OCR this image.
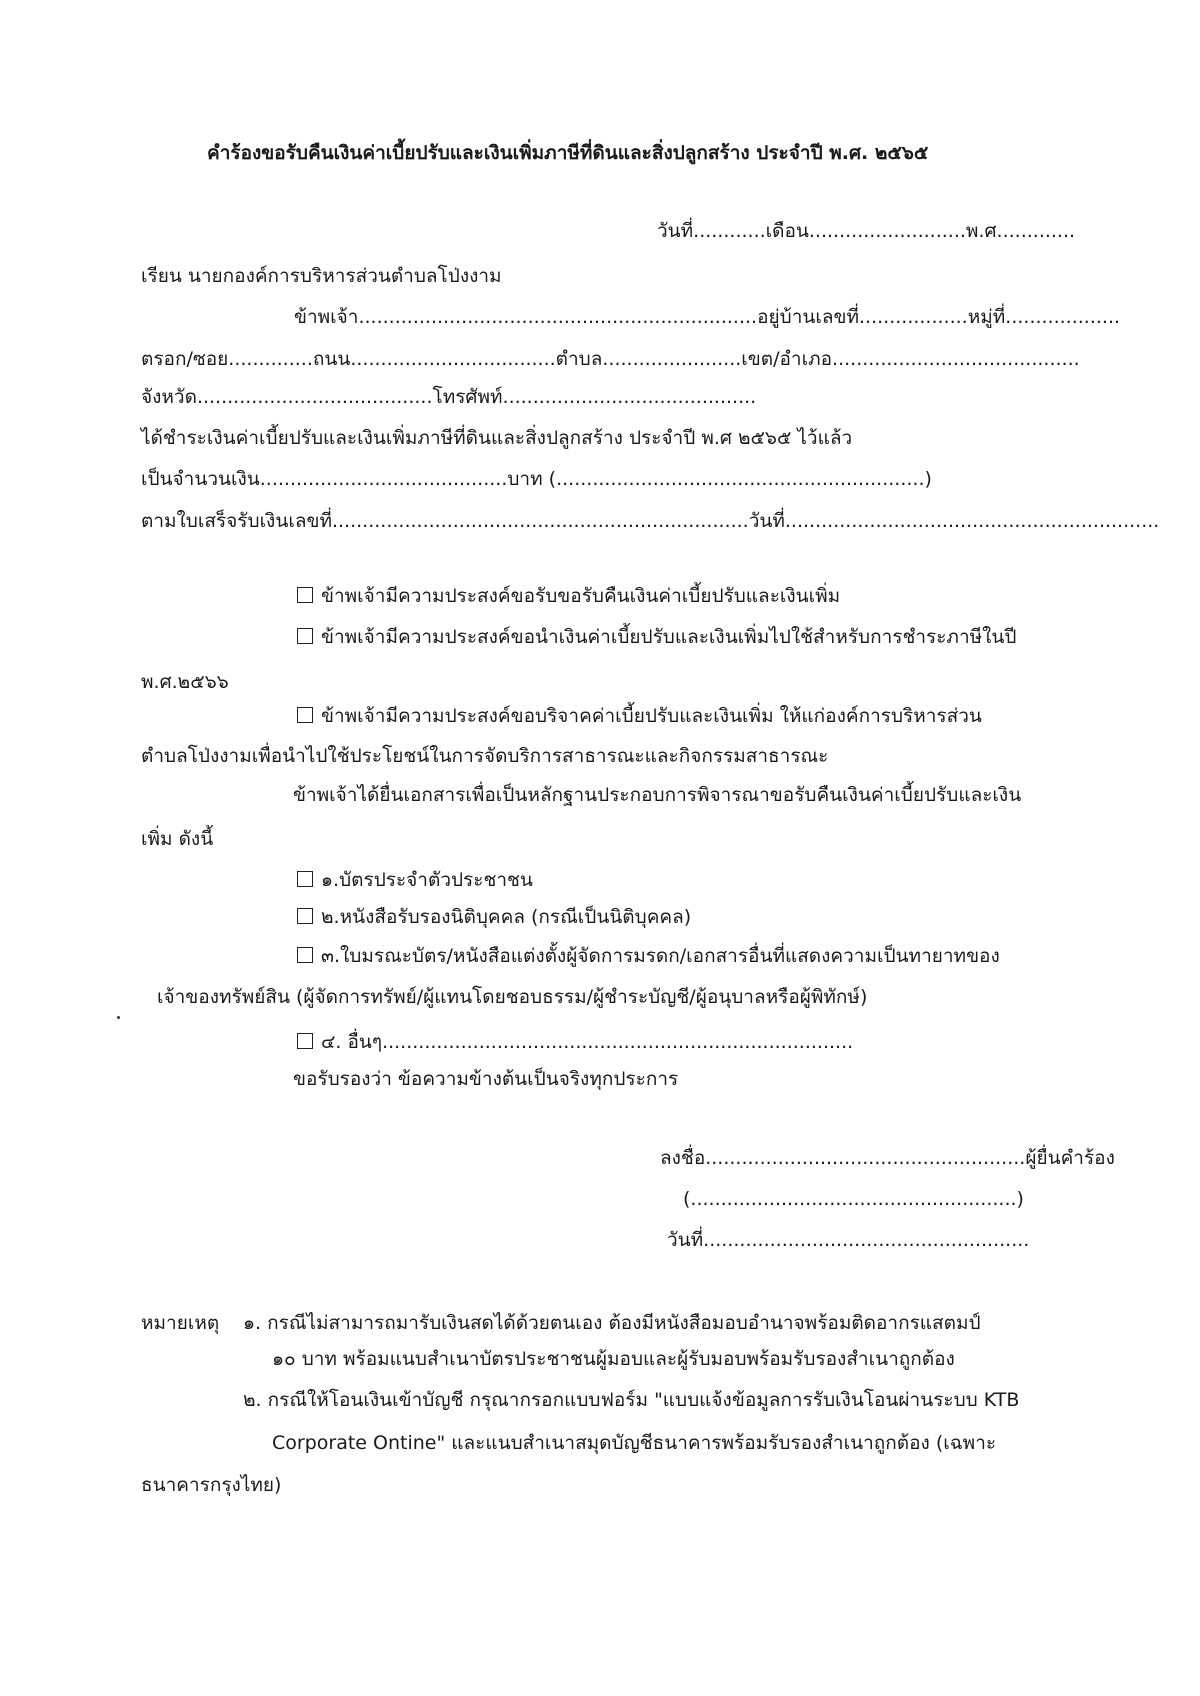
คำร้องขอรับคืนเงินค่าเบี้ยปรับและเงินเพิ่มภาษีที่ดินและสิ่งปลูกสร้าง ประจำปี พ.ศ. ๒๕๖๕
วันที่............เดือน..........................พ.ศ.............
เรียน นายกองค์การบริหารส่วนตำบลโป่งงาม
ข้าพเจ้า..................................................................อยู่บ้านเลขที่..................หมู่ที่...................
ตรอก/ซอย..............ถนน..................................ตำบล.......................เขต/อำเภอ.........................................
จังหวัด.......................................โทรศัพท์..........................................
ได้ชำระเงินค่าเบี้ยปรับและเงินเพิ่มภาษีที่ดินและสิ่งปลูกสร้าง ประจำปี พ.ศ ๒๕๖๕ ไว้แล้ว
เป็นจำนวนเงิน.........................................บาท (.............................................................)
ตามใบเสร็จรับเงินเลขที่.....................................................................วันที่..............................................................
ข้าพเจ้ามีความประสงค์ขอรับขอรับคืนเงินค่าเบี้ยปรับและเงินเพิ่ม
ข้าพเจ้ามีความประสงค์ขอนำเงินค่าเบี้ยปรับและเงินเพิ่มไปใช้สำหรับการชำระภาษีในปี
พ.ศ.๒๕๖๖
ข้าพเจ้ามีความประสงค์ขอบริจาคค่าเบี้ยปรับและเงินเพิ่ม ให้แก่องค์การบริหารส่วน
ตำบลโป่งงามเพื่อนำไปใช้ประโยชน์ในการจัดบริการสาธารณะและกิจกรรมสาธารณะ
ข้าพเจ้าได้ยื่นเอกสารเพื่อเป็นหลักฐานประกอบการพิจารณาขอรับคืนเงินค่าเบี้ยปรับและเงิน
เพิ่ม ดังนี้
๑.บัตรประจำตัวประชาชน
๒.หนังสือรับรองนิติบุคคล (กรณีเป็นนิติบุคคล)
๓.ใบมรณะบัตร/หนังสือแต่งตั้งผู้จัดการมรดก/เอกสารอื่นที่แสดงความเป็นทายาทของ
เจ้าของทรัพย์สิน (ผู้จัดการทรัพย์/ผู้แทนโดยชอบธรรม/ผู้ชำระบัญชี/ผู้อนุบาลหรือผู้พิทักษ์)
๔. อื่นๆ..............................................................................
ขอรับรองว่า ข้อความข้างต้นเป็นจริงทุกประการ
ลงชื่อ.....................................................ผู้ยื่นคำร้อง
(......................................................)
วันที่......................................................
หมายเหตุ ๑. กรณีไม่สามารถมารับเงินสดได้ด้วยตนเอง ต้องมีหนังสือมอบอำนาจพร้อมติดอากรแสตมป์
๑๐ บาท พร้อมแนบสำเนาบัตรประชาชนผู้มอบและผู้รับมอบพร้อมรับรองสำเนาถูกต้อง
๒. กรณีให้โอนเงินเข้าบัญชี กรุณากรอกแบบฟอร์ม "แบบแจ้งข้อมูลการรับเงินโอนผ่านระบบ KTB
Corporate Ontine" และแนบสำเนาสมุดบัญชีธนาคารพร้อมรับรองสำเนาถูกต้อง (เฉพาะ
ธนาคารกรุงไทย)
